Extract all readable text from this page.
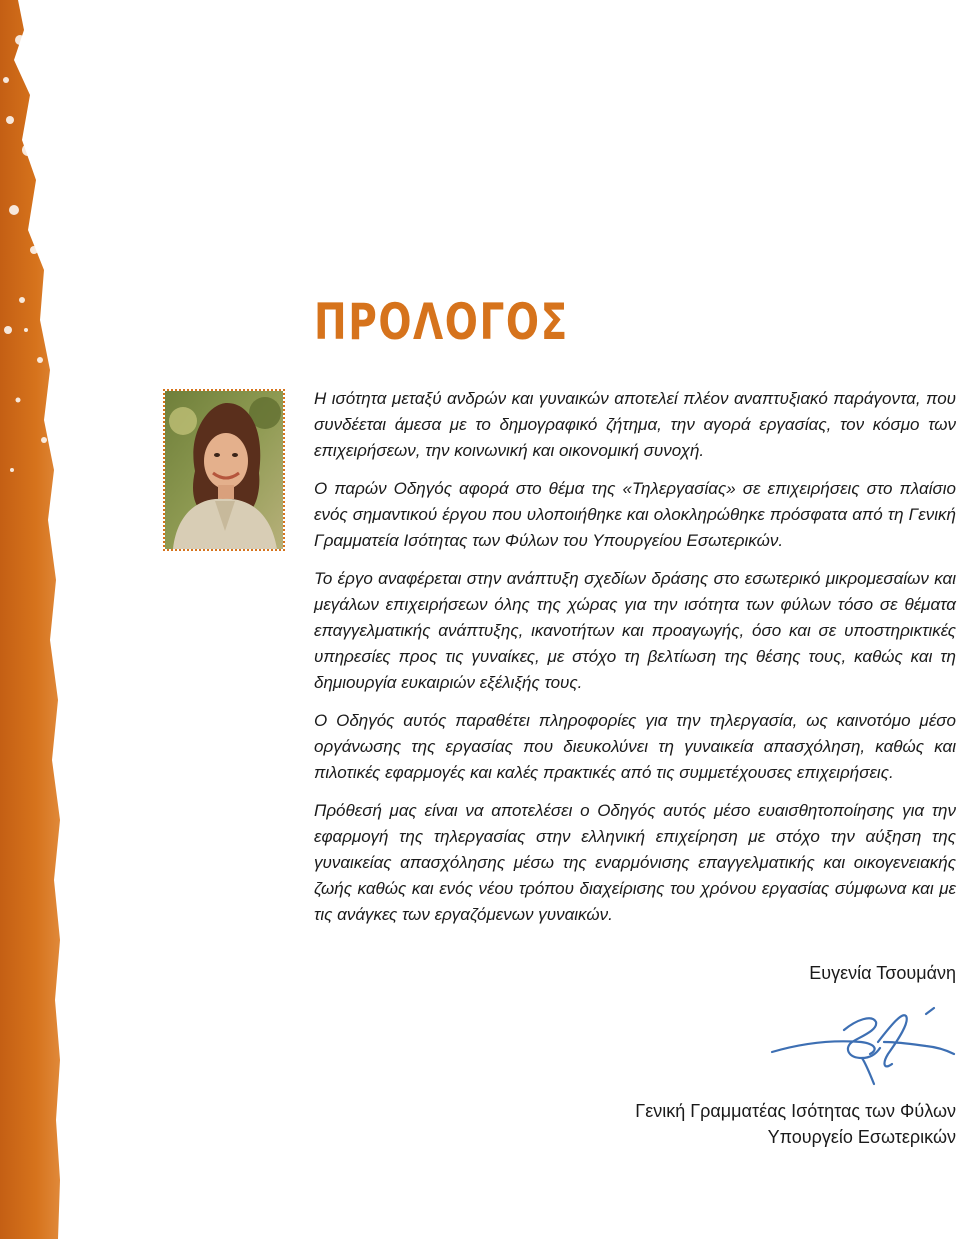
ΠΡΟΛΟΓΟΣ

Η ισότητα μεταξύ ανδρών και γυναικών αποτελεί πλέον αναπτυξιακό παράγοντα, που συνδέεται άμεσα με το δημογραφικό ζήτημα, την αγορά εργασίας, τον κόσμο των επιχειρήσεων, την κοινωνική και οικονομική συνοχή.

Ο παρών Οδηγός αφορά στο θέμα της «Τηλεργασίας» σε επιχειρήσεις στο πλαίσιο ενός σημαντικού έργου που υλοποιήθηκε και ολοκληρώθηκε πρόσφατα από τη Γενική Γραμματεία Ισότητας των Φύλων του Υπουργείου Εσωτερικών.

Το έργο αναφέρεται στην ανάπτυξη σχεδίων δράσης στο εσωτερικό μικρομεσαίων και μεγάλων επιχειρήσεων όλης της χώρας για την ισότητα των φύλων τόσο σε θέματα επαγγελματικής ανάπτυξης, ικανοτήτων και προαγωγής, όσο και σε υποστηρικτικές υπηρεσίες προς τις γυναίκες, με στόχο τη βελτίωση της θέσης τους, καθώς και τη δημιουργία ευκαιριών εξέλιξής τους.

Ο Οδηγός αυτός παραθέτει πληροφορίες για την τηλεργασία, ως καινοτόμο μέσο οργάνωσης της εργασίας που διευκολύνει τη γυναικεία απασχόληση, καθώς και πιλοτικές εφαρμογές και καλές πρακτικές από τις συμμετέχουσες επιχειρήσεις.

Πρόθεσή μας είναι να αποτελέσει ο Οδηγός αυτός μέσο ευαισθητοποίησης για την εφαρμογή της τηλεργασίας στην ελληνική επιχείρηση με στόχο την αύξηση της γυναικείας απασχόλησης μέσω της εναρμόνισης επαγγελματικής και οικογενειακής ζωής καθώς και ενός νέου τρόπου διαχείρισης του χρόνου εργασίας σύμφωνα και με τις ανάγκες των εργαζόμενων γυναικών.

Ευγενία Τσουμάνη
Γενική Γραμματέας Ισότητας των Φύλων
Υπουργείο Εσωτερικών
